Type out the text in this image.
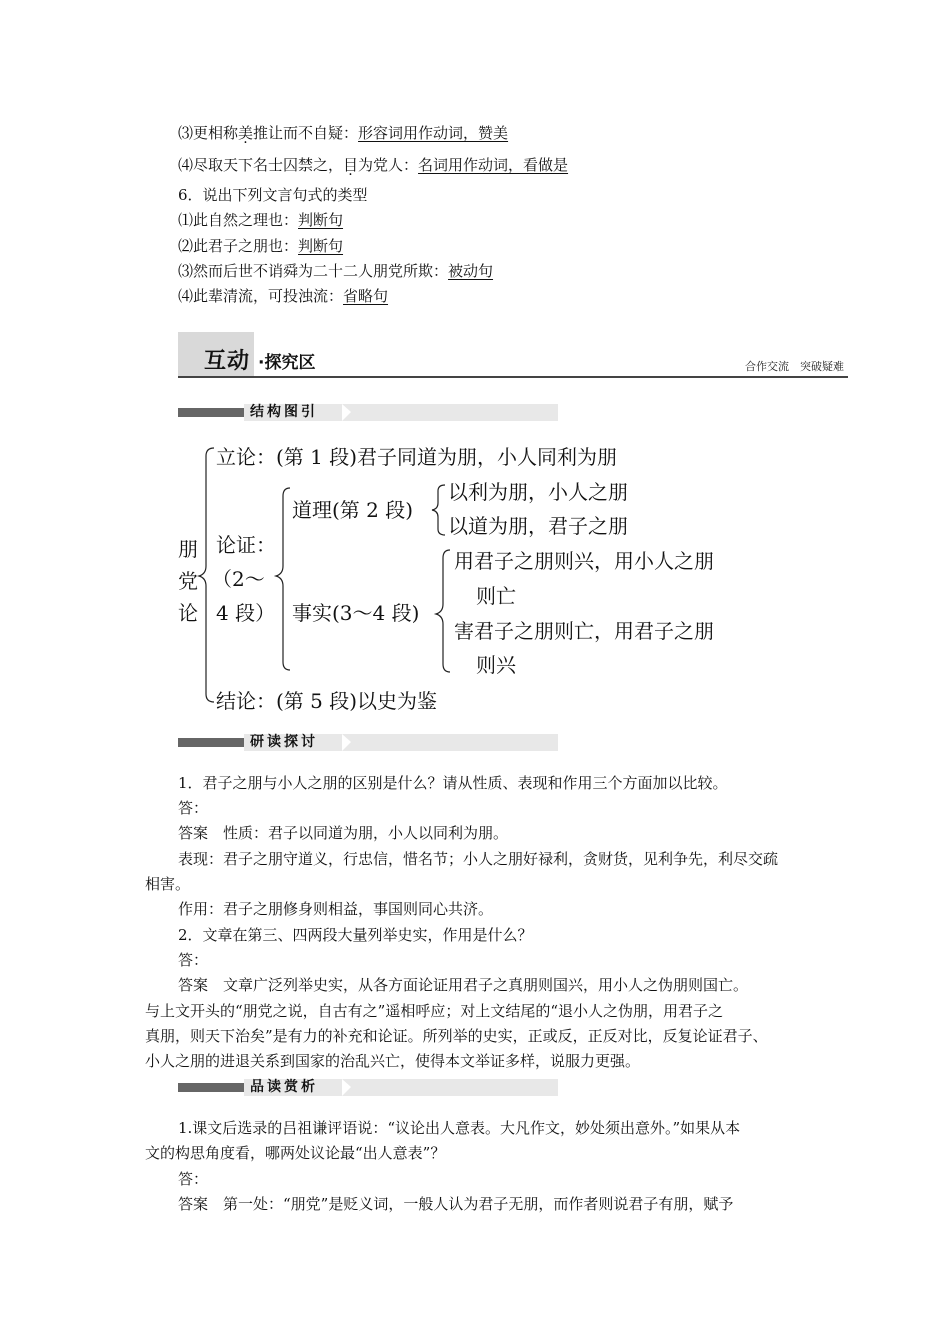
⑶更相称美推让而不自疑：形容词用作动词，赞美
⑷尽取天下名士囚禁之，目为党人：名词用作动词，看做是
6．说出下列文言句式的类型
⑴此自然之理也：判断句
⑵此君子之朋也：判断句
⑶然而后世不诮舜为二十二人朋党所欺：被动句
⑷此辈清流，可投浊流：省略句
互动 ·探究区	合作交流　突破疑难
结构图引
朋
党
论
立论：(第 1 段)君子同道为朋，小人同利为朋
论证：
（2～
4 段）
道理(第 2 段)
以利为朋，小人之朋
以道为朋，君子之朋
事实(3～4 段)
用君子之朋则兴，用小人之朋
则亡
害君子之朋则亡，用君子之朋
则兴
结论：(第 5 段)以史为鉴
研读探讨
1．君子之朋与小人之朋的区别是什么？请从性质、表现和作用三个方面加以比较。
答：
答案　性质：君子以同道为朋，小人以同利为朋。
表现：君子之朋守道义，行忠信，惜名节；小人之朋好禄利，贪财货，见利争先，利尽交疏
相害。
作用：君子之朋修身则相益，事国则同心共济。
2．文章在第三、四两段大量列举史实，作用是什么？
答：
答案　文章广泛列举史实，从各方面论证用君子之真朋则国兴，用小人之伪朋则国亡。
与上文开头的“朋党之说，自古有之”遥相呼应；对上文结尾的“退小人之伪朋，用君子之
真朋，则天下治矣”是有力的补充和论证。所列举的史实，正或反，正反对比，反复论证君子、
小人之朋的进退关系到国家的治乱兴亡，使得本文举证多样，说服力更强。
品读赏析
1.课文后选录的吕祖谦评语说：“议论出人意表。大凡作文，妙处须出意外。”如果从本
文的构思角度看，哪两处议论最“出人意表”？
答：
答案　第一处：“朋党”是贬义词，一般人认为君子无朋，而作者则说君子有朋，赋予
